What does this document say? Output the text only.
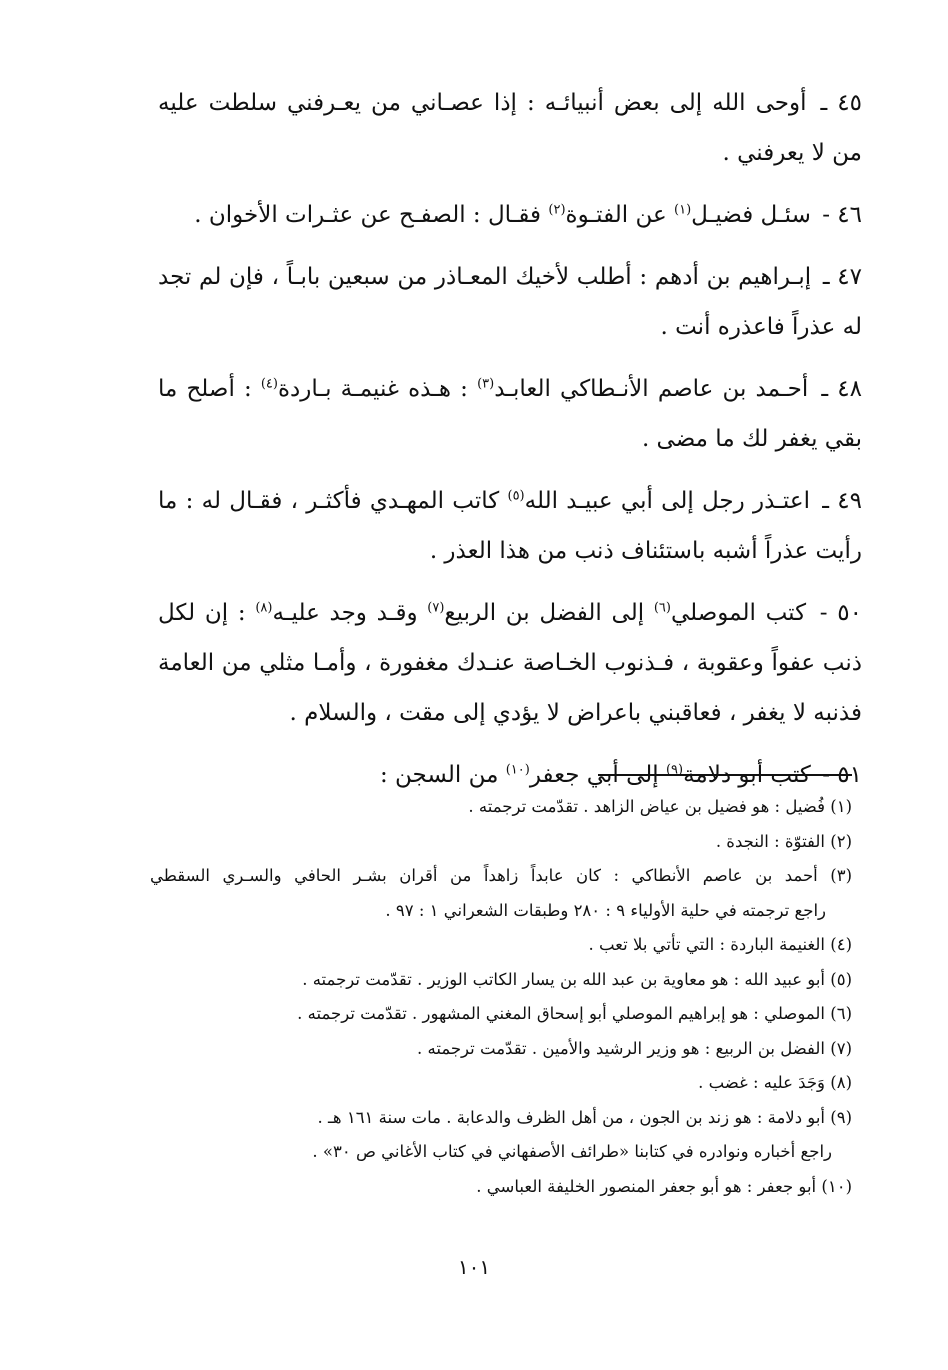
٤٥ ـ أوحى الله إلى بعض أنبيائـه : إذا عصـاني من يعـرفني سلطت عليه من لا يعرفني .

٤٦ - سئـل فضيـل$^{(١)}$ عن الفتـوة$^{(٢)}$ فقـال : الصفـح عن عثـرات الأخوان .

٤٧ ـ إبـراهيم بن أدهم : أطلب لأخيك المعـاذر من سبعين بابـاً ، فإن لم تجد له عذراً فاعذره أنت .

٤٨ ـ أحـمد بن عاصم الأنـطاكي العابـد$^{(٣)}$ : هـذه غنيمـة بـاردة$^{(٤)}$ : أصلح ما بقي يغفر لك ما مضى .

٤٩ ـ اعتـذر رجل إلى أبي عبيـد الله$^{(٥)}$ كاتب المهـدي فأكثـر ، فقـال له : ما رأيت عذراً أشبه باستئناف ذنب من هذا العذر .

٥٠ - كتب الموصلي$^{(٦)}$ إلى الفضل بن الربيع$^{(٧)}$ وقـد وجد عليـه$^{(٨)}$ : إن لكل ذنب عفواً وعقوبة ، فـذنوب الخـاصة عنـدك مغفورة ، وأمـا مثلي من العامة فذنبه لا يغفر ، فعاقبني باعراض لا يؤدي إلى مقت ، والسلام .

٥١ - كتب أبو دلامة$^{(٩)}$ إلى أبي جعفر$^{(١٠)}$ من السجن :

(١) فُضيل : هو فضيل بن عياض الزاهد . تقدّمت ترجمته .

(٢) الفتوّة : النجدة .

(٣) أحمد بن عاصم الأنطاكي : كان عابداً زاهداً من أقران بشـر الحافي والسـري السقطي

راجع ترجمته في حلية الأولياء ٩ : ٢٨٠ وطبقات الشعراني ١ : ٩٧ .

(٤) الغنيمة الباردة : التي تأتي بلا تعب .

(٥) أبو عبيد الله : هو معاوية بن عبد الله بن يسار الكاتب الوزير . تقدّمت ترجمته .

(٦) الموصلي : هو إبراهيم الموصلي أبو إسحاق المغني المشهور . تقدّمت ترجمته .

(٧) الفضل بن الربيع : هو وزير الرشيد والأمين . تقدّمت ترجمته .

(٨) وَجَدَ عليه : غضب .

(٩) أبو دلامة : هو زند بن الجون ، من أهل الظرف والدعابة . مات سنة ١٦١ هـ .

راجع أخباره ونوادره في كتابنا «طرائف الأصفهاني في كتاب الأغاني ص ٣٠» .

(١٠) أبو جعفر : هو أبو جعفر المنصور الخليفة العباسي .

١٠١
